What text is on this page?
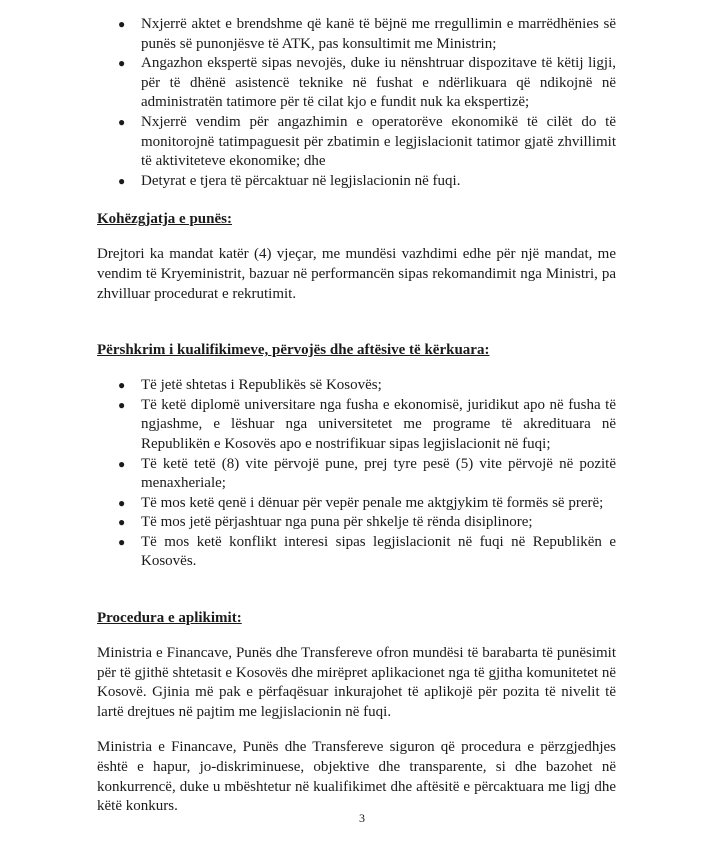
● Nxjerrë aktet e brendshme që kanë të bëjnë me rregullimin e marrëdhënies së punës së punonjësve të ATK, pas konsultimit me Ministrin;
● Angazhon ekspertë sipas nevojës, duke iu nënshtruar dispozitave të këtij ligji, për të dhënë asistencë teknike në fushat e ndërlikuara që ndikojnë në administratën tatimore për të cilat kjo e fundit nuk ka ekspertizë;
● Nxjerrë vendim për angazhimin e operatorëve ekonomikë të cilët do të monitorojnë tatimpaguesit për zbatimin e legjislacionit tatimor gjatë zhvillimit të aktiviteteve ekonomike; dhe
● Detyrat e tjera të përcaktuar në legjislacionin në fuqi.

Kohëzgjatja e punës:

Drejtori ka mandat katër (4) vjeçar, me mundësi vazhdimi edhe për një mandat, me vendim të Kryeministrit, bazuar në performancën sipas rekomandimit nga Ministri, pa zhvilluar procedurat e rekrutimit.

Përshkrim i kualifikimeve, përvojës dhe aftësive të kërkuara:

● Të jetë shtetas i Republikës së Kosovës;
● Të ketë diplomë universitare nga fusha e ekonomisë, juridikut apo në fusha të ngjashme, e lëshuar nga universitetet me programe të akredituara në Republikën e Kosovës apo e nostrifikuar sipas legjislacionit në fuqi;
● Të ketë tetë (8) vite përvojë pune, prej tyre pesë (5) vite përvojë në pozitë menaxheriale;
● Të mos ketë qenë i dënuar për vepër penale me aktgjykim të formës së prerë;
● Të mos jetë përjashtuar nga puna për shkelje të rënda disiplinore;
● Të mos ketë konflikt interesi sipas legjislacionit në fuqi në Republikën e Kosovës.

Procedura e aplikimit:

Ministria e Financave, Punës dhe Transfereve ofron mundësi të barabarta të punësimit për të gjithë shtetasit e Kosovës dhe mirëpret aplikacionet nga të gjitha komunitetet në Kosovë. Gjinia më pak e përfaqësuar inkurajohet të aplikojë për pozita të nivelit të lartë drejtues në pajtim me legjislacionin në fuqi.

Ministria e Financave, Punës dhe Transfereve siguron që procedura e përzgjedhjes është e hapur, jo-diskriminuese, objektive dhe transparente, si dhe bazohet në konkurrencë, duke u mbështetur në kualifikimet dhe aftësitë e përcaktuara me ligj dhe këtë konkurs.

3
